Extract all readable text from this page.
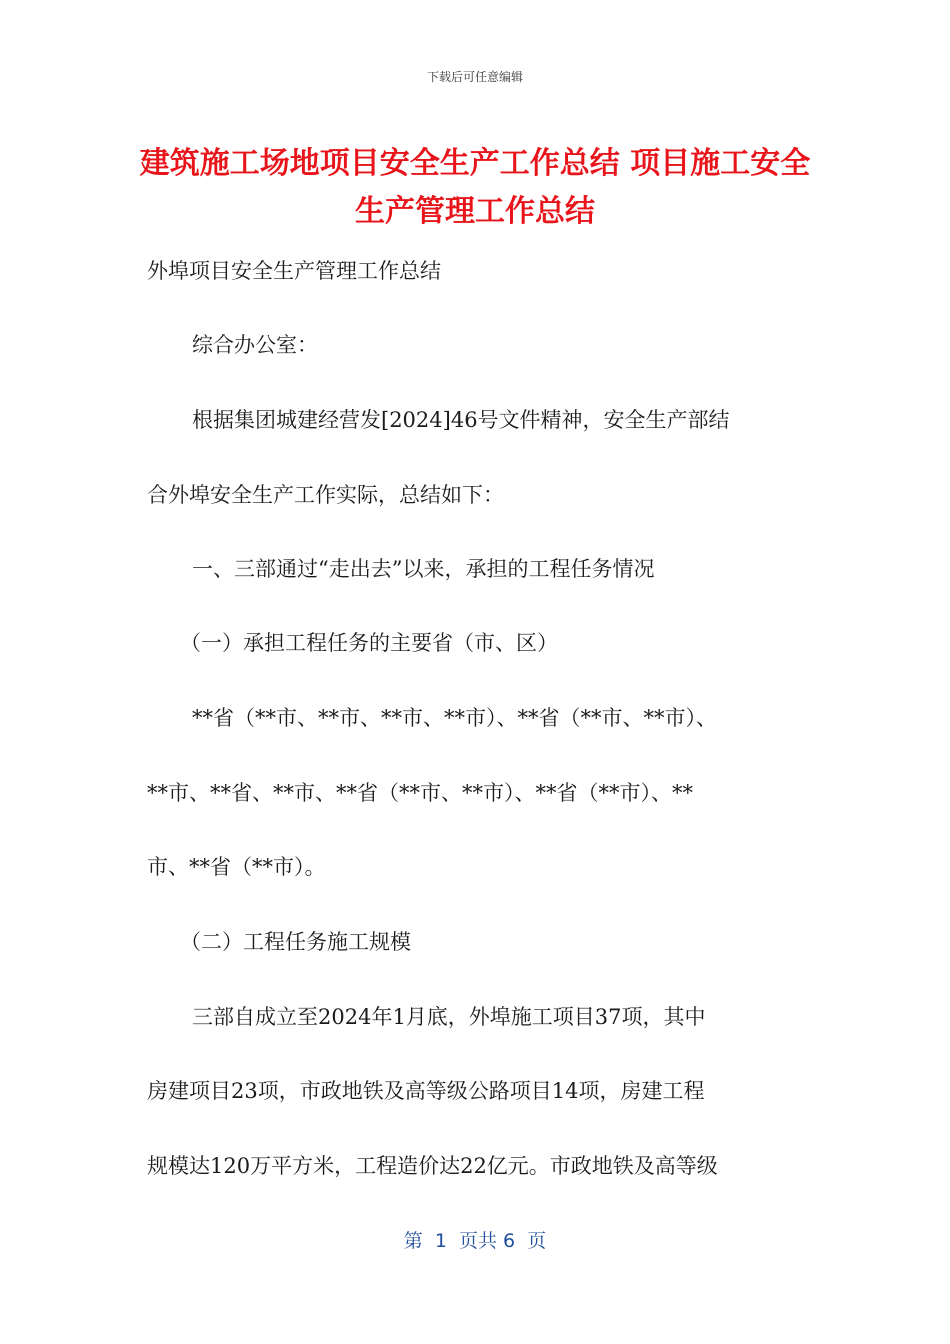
下载后可任意编辑
建筑施工场地项目安全生产工作总结 项目施工安全生产管理工作总结
外埠项目安全生产管理工作总结
综合办公室：
根据集团城建经营发[2024]46号文件精神，安全生产部结
合外埠安全生产工作实际，总结如下：
一、三部通过“走出去”以来，承担的工程任务情况
（一）承担工程任务的主要省（市、区）
**省（**市、**市、**市、**市）、**省（**市、**市）、
**市、**省、**市、**省（**市、**市）、**省（**市）、**
市、**省（**市）。
（二）工程任务施工规模
三部自成立至2024年1月底，外埠施工项目37项，其中
房建项目23项，市政地铁及高等级公路项目14项，房建工程
规模达120万平方米，工程造价达22亿元。市政地铁及高等级
第  1  页共 6  页
